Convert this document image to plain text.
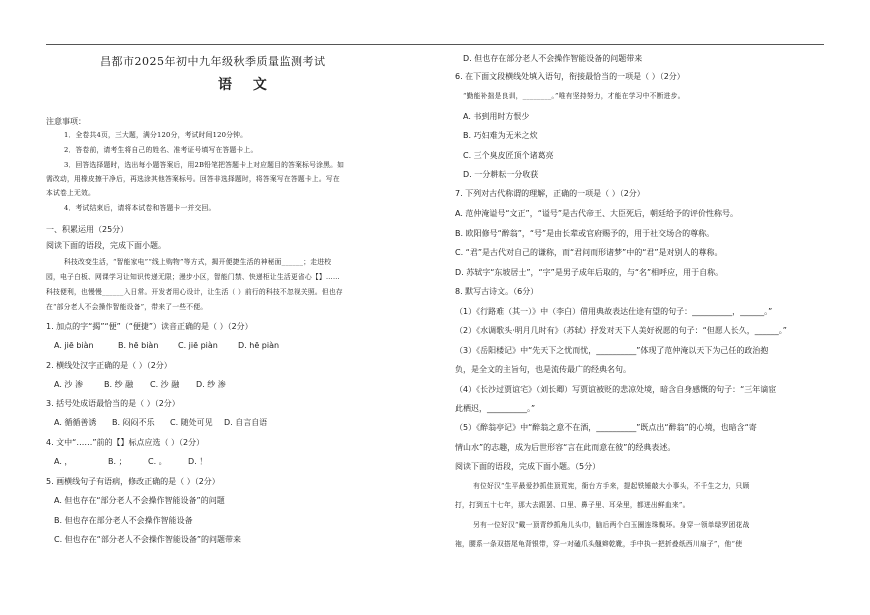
昌都市2025年初中九年级秋季质量监测考试
语 文
注意事项：
1．全卷共4页，三大题，满分120分，考试时间120分钟。
2．答卷前，请考生将自己的姓名、准考证号填写在答题卡上。
3．回答选择题时，选出每小题答案后，用2B铅笔把答题卡上对应题目的答案标号涂黑。如
需改动，用橡皮擦干净后，再选涂其他答案标号。回答非选择题时，将答案写在答题卡上。写在
本试卷上无效。
4．考试结束后，请将本试卷和答题卡一并交回。
一、积累运用（25分）
阅读下面的语段，完成下面小题。
科技改变生活，“智能家电”“线上购物”等方式，揭开便捷生活的神秘面______；走进校
园，电子白板、网课学习让知识传递无限；漫步小区，智能门禁、快递柜让生活更省心【】……
科技便利，也慢慢______入日常。开发者用心设计，让生活（ ）前行的科技不忽视关照。但也存
在“部分老人不会操作智能设备”，带来了一些不便。
1. 加点的字“揭”“便”（“便捷”）读音正确的是（ ）（2分）
A. jiē biàn	B. hē biàn C. jiē piàn	D. hē piàn
2. 横线处汉字正确的是（ ）（2分）
A. 沙 渗	B. 纱 融 C. 沙 融 D. 纱 渗
3. 括号处成语最恰当的是（ ）（2分）
A. 循循善诱 B. 闷闷不乐 C. 随处可见 D. 自言自语
4. 文中“……”前的【】标点应选（ ）（2分）
A. ，	B. ；	C. 。	D. ！
5. 画横线句子有语病，修改正确的是（ ）（2分）
A. 但也存在“部分老人不会操作智能设备”的问题
B. 但也存在部分老人不会操作智能设备
C. 但也存在“部分老人不会操作智能设备”的问题带来
D. 但也存在部分老人不会操作智能设备的问题带来
6. 在下面文段横线处填入语句，衔接最恰当的一项是（ ）（2分）
“勤能补拙是良训，________。”唯有坚持努力，才能在学习中不断进步。
A. 书到用时方恨少
B. 巧妇难为无米之炊
C. 三个臭皮匠顶个诸葛亮
D. 一分耕耘一分收获
7. 下列对古代称谓的理解，正确的一项是（ ）（2分）
A. 范仲淹谥号“文正”，“谥号”是古代帝王、大臣死后，朝廷给予的评价性称号。
B. 欧阳修号“醉翁”，“号”是由长辈或官府赐予的，用于社交场合的尊称。
C. “君”是古代对自己的谦称，而“君问而形诸梦”中的“君”是对别人的尊称。
D. 苏轼字“东坡居士”，“字”是男子成年后取的，与“名”相呼应，用于自称。
8. 默写古诗文。（6分）
（1）《行路难（其一）》中（李白）借用典故表达仕途有望的句子：__________，______。”
（2）《水调歌头·明月几时有》（苏轼）抒发对天下人美好祝愿的句子：“但愿人长久，______。”
（3）《岳阳楼记》中“先天下之忧而忧，__________”体现了范仲淹以天下为己任的政治抱
负，是全文的主旨句，也是流传最广的经典名句。
（4）《长沙过贾谊宅》（刘长卿）写贾谊被贬的悲凉处境，暗含自身感慨的句子：“三年谪宦
此栖迟，__________。”
（5）《醉翁亭记》中“醉翁之意不在酒，__________”既点出“醉翁”的心境，也暗含“寄
情山水”的志趣，成为后世形容“言在此而意在彼”的经典表述。
阅读下面的语段，完成下面小题。（5分）
有位好汉“生平最爱抄抓佳顶荒宪，衙台方手来，提起铁锤敲大小事头，不千生之力，只顾
打，打到五十七年，那大去跟罢、口里、鼻子里、耳朵里，都迸出鲜血来”。
另有一位好汉“戴一顶青纱抓角儿头巾，脑后两个白玉圈连珠鬓环。身穿一领单绿罗团花战
袍，腰系一条双搭尾龟背银带，穿一对磕爪头翹辫乾靴，手中执一把折叠纸西川扇子”，他“使
